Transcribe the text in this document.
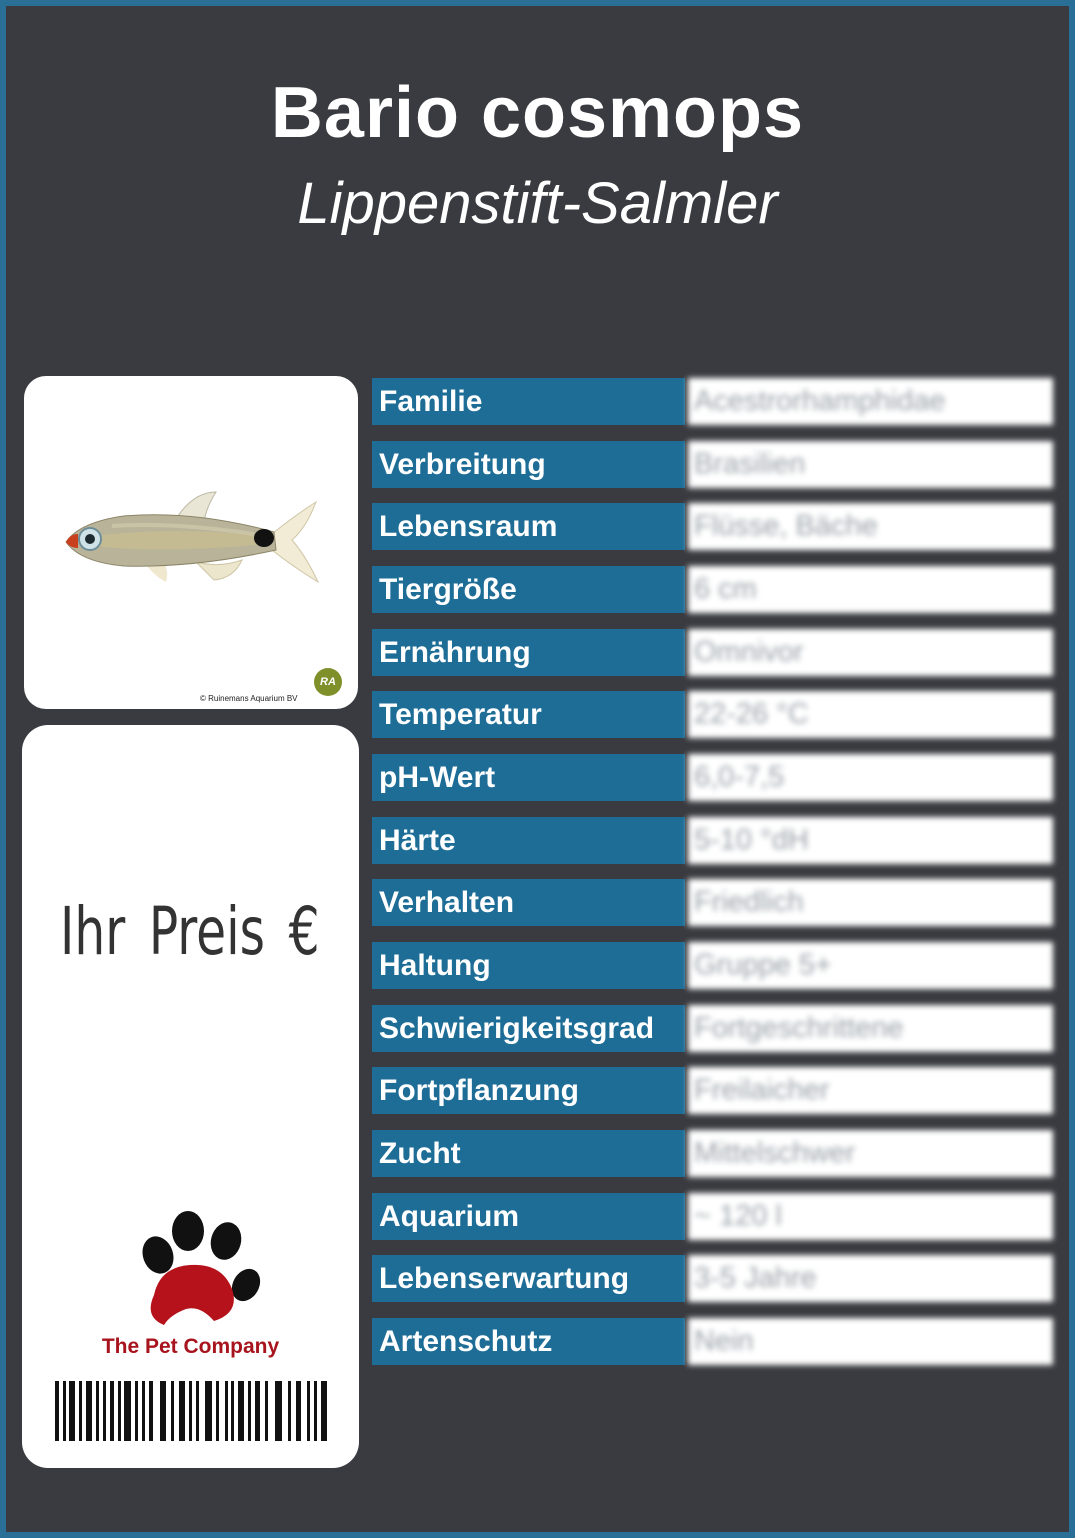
Bario cosmops
Lippenstift-Salmler
RA
© Ruinemans Aquarium BV
Ihr Preis €
The Pet Company
Familie	Acestrorhamphidae
Verbreitung	Brasilien
Lebensraum	Flüsse, Bäche
Tiergröße	6 cm
Ernährung	Omnivor
Temperatur	22-26 °C
pH-Wert	6,0-7,5
Härte	5-10 °dH
Verhalten	Friedlich
Haltung	Gruppe 5+
Schwierigkeitsgrad	Fortgeschrittene
Fortpflanzung	Freilaicher
Zucht	Mittelschwer
Aquarium	~ 120 l
Lebenserwartung	3-5 Jahre
Artenschutz	Nein
